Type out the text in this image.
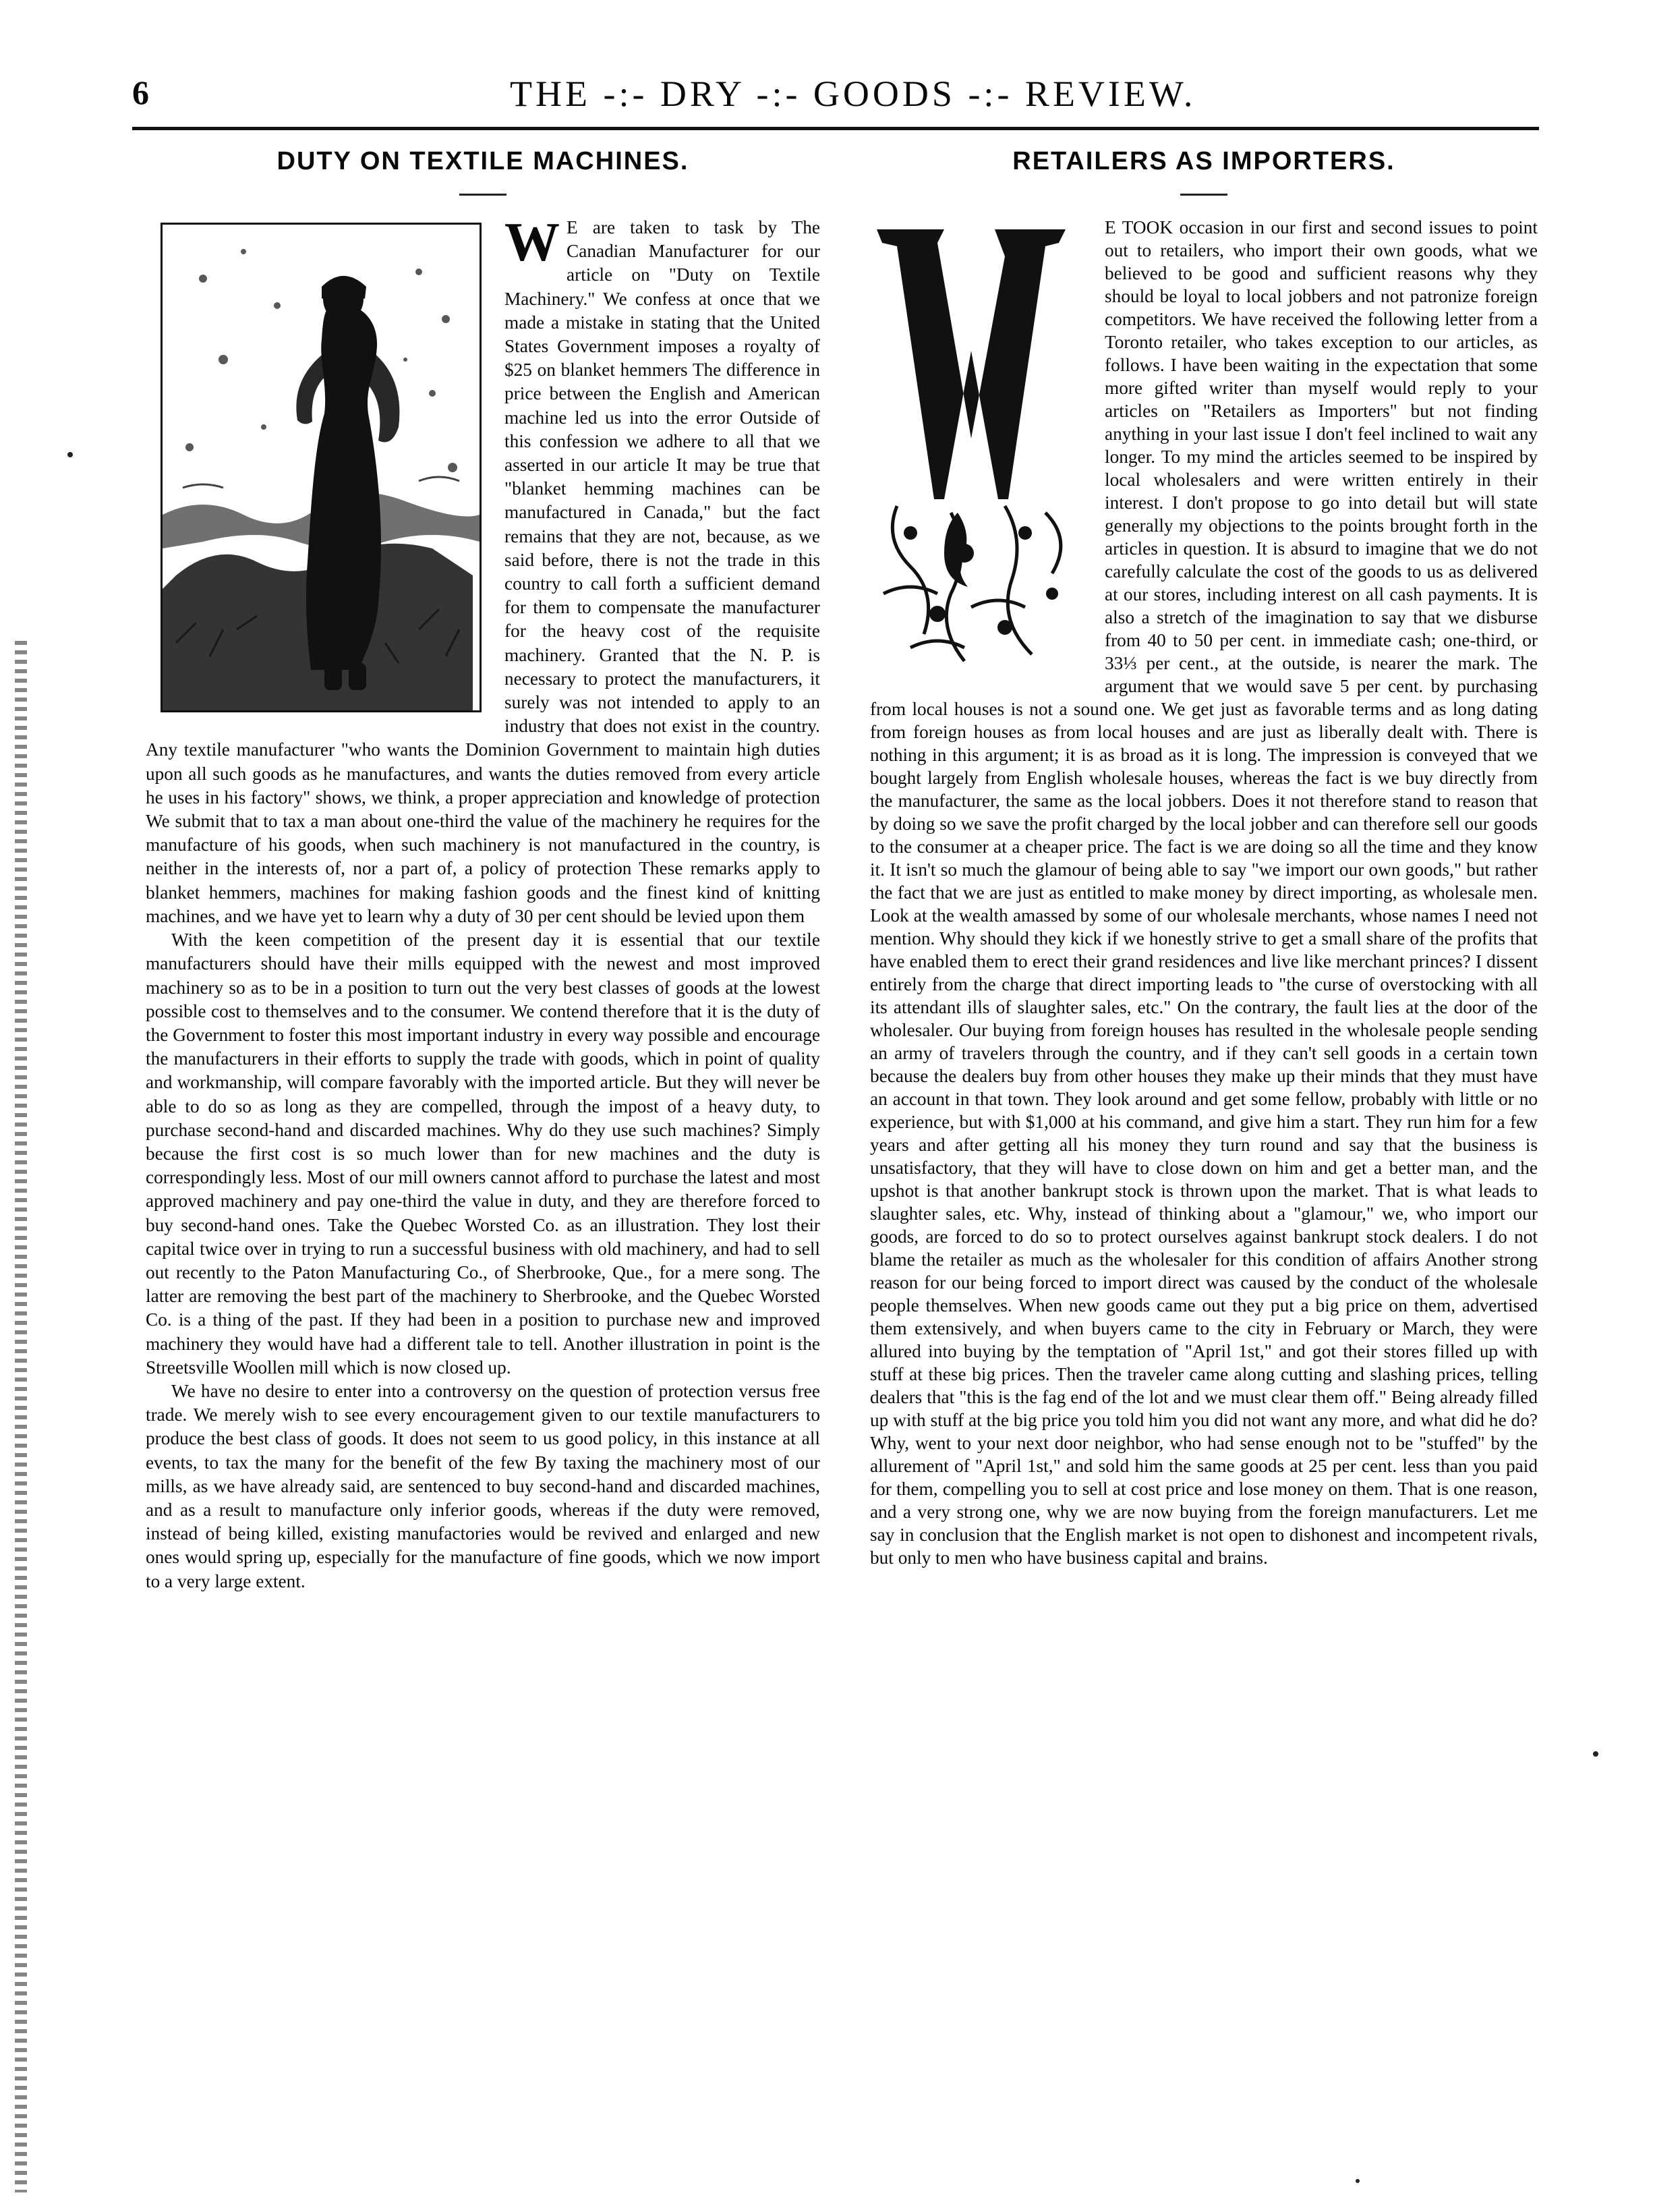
6	THE -:- DRY -:- GOODS -:- REVIEW.
DUTY ON TEXTILE MACHINES.
W E are taken to task by The Canadian Manufacturer for our article on "Duty on Textile Machinery." We confess at once that we made a mistake in stating that the United States Government imposes a royalty of $25 on blanket hemmers The difference in price between the English and American machine led us into the error Outside of this confession we adhere to all that we asserted in our article It may be true that "blanket hemming machines can be manufactured in Canada," but the fact remains that they are not, because, as we said before, there is not the trade in this country to call forth a sufficient demand for them to compensate the manufacturer for the heavy cost of the requisite machinery. Granted that the N. P. is necessary to protect the manufacturers, it surely was not intended to apply to an industry that does not exist in the country. Any textile manufacturer "who wants the Dominion Government to maintain high duties upon all such goods as he manufactures, and wants the duties removed from every article he uses in his factory" shows, we think, a proper appreciation and knowledge of protection We submit that to tax a man about one-third the value of the machinery he requires for the manufacture of his goods, when such machinery is not manufactured in the country, is neither in the interests of, nor a part of, a policy of protection These remarks apply to blanket hemmers, machines for making fashion goods and the finest kind of knitting machines, and we have yet to learn why a duty of 30 per cent should be levied upon them

With the keen competition of the present day it is essential that our textile manufacturers should have their mills equipped with the newest and most improved machinery so as to be in a position to turn out the very best classes of goods at the lowest possible cost to themselves and to the consumer. We contend therefore that it is the duty of the Government to foster this most important industry in every way possible and encourage the manufacturers in their efforts to supply the trade with goods, which in point of quality and workmanship, will compare favorably with the imported article. But they will never be able to do so as long as they are compelled, through the impost of a heavy duty, to purchase second-hand and discarded machines. Why do they use such machines? Simply because the first cost is so much lower than for new machines and the duty is correspondingly less. Most of our mill owners cannot afford to purchase the latest and most approved machinery and pay one-third the value in duty, and they are therefore forced to buy second-hand ones. Take the Quebec Worsted Co. as an illustration. They lost their capital twice over in trying to run a successful business with old machinery, and had to sell out recently to the Paton Manufacturing Co., of Sherbrooke, Que., for a mere song. The latter are removing the best part of the machinery to Sherbrooke, and the Quebec Worsted Co. is a thing of the past. If they had been in a position to purchase new and improved machinery they would have had a different tale to tell. Another illustration in point is the Streetsville Woollen mill which is now closed up.

We have no desire to enter into a controversy on the question of protection versus free trade. We merely wish to see every encouragement given to our textile manufacturers to produce the best class of goods. It does not seem to us good policy, in this instance at all events, to tax the many for the benefit of the few By taxing the machinery most of our mills, as we have already said, are sentenced to buy second-hand and discarded machines, and as a result to manufacture only inferior goods, whereas if the duty were removed, instead of being killed, existing manufactories would be revived and enlarged and new ones would spring up, especially for the manufacture of fine goods, which we now import to a very large extent.

RETAILERS AS IMPORTERS.

E TOOK occasion in our first and second issues to point out to retailers, who import their own goods, what we believed to be good and sufficient reasons why they should be loyal to local jobbers and not patronize foreign competitors. We have received the following letter from a Toronto retailer, who takes exception to our articles, as follows. I have been waiting in the expectation that some more gifted writer than myself would reply to your articles on "Retailers as Importers" but not finding anything in your last issue I don't feel inclined to wait any longer. To my mind the articles seemed to be inspired by local wholesalers and were written entirely in their interest. I don't propose to go into detail but will state generally my objections to the points brought forth in the articles in question. It is absurd to imagine that we do not carefully calculate the cost of the goods to us as delivered at our stores, including interest on all cash payments. It is also a stretch of the imagination to say that we disburse from 40 to 50 per cent. in immediate cash; one-third, or 33⅓ per cent., at the outside, is nearer the mark. The argument that we would save 5 per cent. by purchasing from local houses is not a sound one. We get just as favorable terms and as long dating from foreign houses as from local houses and are just as liberally dealt with. There is nothing in this argument; it is as broad as it is long. The impression is conveyed that we bought largely from English wholesale houses, whereas the fact is we buy directly from the manufacturer, the same as the local jobbers. Does it not therefore stand to reason that by doing so we save the profit charged by the local jobber and can therefore sell our goods to the consumer at a cheaper price. The fact is we are doing so all the time and they know it. It isn't so much the glamour of being able to say "we import our own goods," but rather the fact that we are just as entitled to make money by direct importing, as wholesale men. Look at the wealth amassed by some of our wholesale merchants, whose names I need not mention. Why should they kick if we honestly strive to get a small share of the profits that have enabled them to erect their grand residences and live like merchant princes? I dissent entirely from the charge that direct importing leads to "the curse of overstocking with all its attendant ills of slaughter sales, etc." On the contrary, the fault lies at the door of the wholesaler. Our buying from foreign houses has resulted in the wholesale people sending an army of travelers through the country, and if they can't sell goods in a certain town because the dealers buy from other houses they make up their minds that they must have an account in that town. They look around and get some fellow, probably with little or no experience, but with $1,000 at his command, and give him a start. They run him for a few years and after getting all his money they turn round and say that the business is unsatisfactory, that they will have to close down on him and get a better man, and the upshot is that another bankrupt stock is thrown upon the market. That is what leads to slaughter sales, etc. Why, instead of thinking about a "glamour," we, who import our goods, are forced to do so to protect ourselves against bankrupt stock dealers. I do not blame the retailer as much as the wholesaler for this condition of affairs Another strong reason for our being forced to import direct was caused by the conduct of the wholesale people themselves. When new goods came out they put a big price on them, advertised them extensively, and when buyers came to the city in February or March, they were allured into buying by the temptation of "April 1st," and got their stores filled up with stuff at these big prices. Then the traveler came along cutting and slashing prices, telling dealers that "this is the fag end of the lot and we must clear them off." Being already filled up with stuff at the big price you told him you did not want any more, and what did he do? Why, went to your next door neighbor, who had sense enough not to be "stuffed" by the allurement of "April 1st," and sold him the same goods at 25 per cent. less than you paid for them, compelling you to sell at cost price and lose money on them. That is one reason, and a very strong one, why we are now buying from the foreign manufacturers. Let me say in conclusion that the English market is not open to dishonest and incompetent rivals, but only to men who have business capital and brains.
